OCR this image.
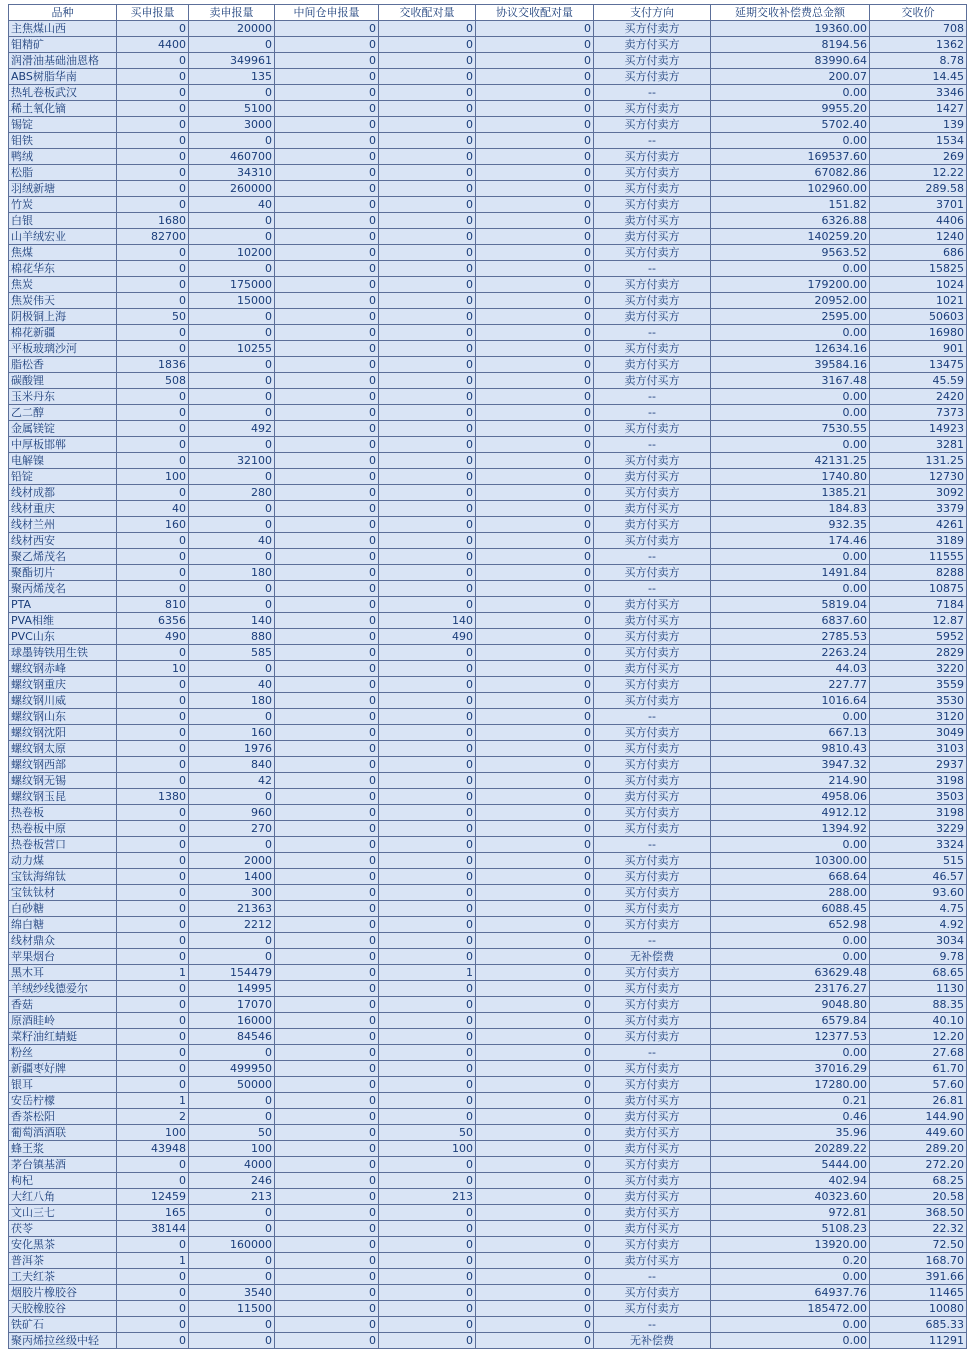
品种	买申报量	卖申报量	中间仓申报量	交收配对量	协议交收配对量	支付方向	延期交收补偿费总金额	交收价
主焦煤山西	0	20000	0	0	0	买方付卖方	19360.00	708
钼精矿	4400	0	0	0	0	卖方付买方	8194.56	1362
润滑油基础油恩格	0	349961	0	0	0	买方付卖方	83990.64	8.78
ABS树脂华南	0	135	0	0	0	买方付卖方	200.07	14.45
热轧卷板武汉	0	0	0	0	0	--	0.00	3346
稀土氧化镝	0	5100	0	0	0	买方付卖方	9955.20	1427
锡锭	0	3000	0	0	0	买方付卖方	5702.40	139
钼铁	0	0	0	0	0	--	0.00	1534
鸭绒	0	460700	0	0	0	买方付卖方	169537.60	269
松脂	0	34310	0	0	0	买方付卖方	67082.86	12.22
羽绒新塘	0	260000	0	0	0	买方付卖方	102960.00	289.58
竹炭	0	40	0	0	0	买方付卖方	151.82	3701
白银	1680	0	0	0	0	卖方付买方	6326.88	4406
山羊绒宏业	82700	0	0	0	0	卖方付买方	140259.20	1240
焦煤	0	10200	0	0	0	买方付卖方	9563.52	686
棉花华东	0	0	0	0	0	--	0.00	15825
焦炭	0	175000	0	0	0	买方付卖方	179200.00	1024
焦炭伟天	0	15000	0	0	0	买方付卖方	20952.00	1021
阴极铜上海	50	0	0	0	0	卖方付买方	2595.00	50603
棉花新疆	0	0	0	0	0	--	0.00	16980
平板玻璃沙河	0	10255	0	0	0	买方付卖方	12634.16	901
脂松香	1836	0	0	0	0	卖方付买方	39584.16	13475
碳酸锂	508	0	0	0	0	卖方付买方	3167.48	45.59
玉米丹东	0	0	0	0	0	--	0.00	2420
乙二醇	0	0	0	0	0	--	0.00	7373
金属镁锭	0	492	0	0	0	买方付卖方	7530.55	14923
中厚板邯郸	0	0	0	0	0	--	0.00	3281
电解镍	0	32100	0	0	0	买方付卖方	42131.25	131.25
铅锭	100	0	0	0	0	卖方付买方	1740.80	12730
线材成都	0	280	0	0	0	买方付卖方	1385.21	3092
线材重庆	40	0	0	0	0	卖方付买方	184.83	3379
线材兰州	160	0	0	0	0	卖方付买方	932.35	4261
线材西安	0	40	0	0	0	买方付卖方	174.46	3189
聚乙烯茂名	0	0	0	0	0	--	0.00	11555
聚酯切片	0	180	0	0	0	买方付卖方	1491.84	8288
聚丙烯茂名	0	0	0	0	0	--	0.00	10875
PTA	810	0	0	0	0	卖方付买方	5819.04	7184
PVA相维	6356	140	0	140	0	卖方付买方	6837.60	12.87
PVC山东	490	880	0	490	0	买方付卖方	2785.53	5952
球墨铸铁用生铁	0	585	0	0	0	买方付卖方	2263.24	2829
螺纹钢赤峰	10	0	0	0	0	卖方付买方	44.03	3220
螺纹钢重庆	0	40	0	0	0	买方付卖方	227.77	3559
螺纹钢川威	0	180	0	0	0	买方付卖方	1016.64	3530
螺纹钢山东	0	0	0	0	0	--	0.00	3120
螺纹钢沈阳	0	160	0	0	0	买方付卖方	667.13	3049
螺纹钢太原	0	1976	0	0	0	买方付卖方	9810.43	3103
螺纹钢西部	0	840	0	0	0	买方付卖方	3947.32	2937
螺纹钢无锡	0	42	0	0	0	买方付卖方	214.90	3198
螺纹钢玉昆	1380	0	0	0	0	卖方付买方	4958.06	3503
热卷板	0	960	0	0	0	买方付卖方	4912.12	3198
热卷板中原	0	270	0	0	0	买方付卖方	1394.92	3229
热卷板营口	0	0	0	0	0	--	0.00	3324
动力煤	0	2000	0	0	0	买方付卖方	10300.00	515
宝钛海绵钛	0	1400	0	0	0	买方付卖方	668.64	46.57
宝钛钛材	0	300	0	0	0	买方付卖方	288.00	93.60
白砂糖	0	21363	0	0	0	买方付卖方	6088.45	4.75
绵白糖	0	2212	0	0	0	买方付卖方	652.98	4.92
线材鼎众	0	0	0	0	0	--	0.00	3034
苹果烟台	0	0	0	0	0	无补偿费	0.00	9.78
黑木耳	1	154479	0	1	0	买方付卖方	63629.48	68.65
羊绒纱线德爱尔	0	14995	0	0	0	买方付卖方	23176.27	1130
香菇	0	17070	0	0	0	买方付卖方	9048.80	88.35
原酒眭岭	0	16000	0	0	0	买方付卖方	6579.84	40.10
菜籽油红蜻蜓	0	84546	0	0	0	买方付卖方	12377.53	12.20
粉丝	0	0	0	0	0	--	0.00	27.68
新疆枣好牌	0	499950	0	0	0	买方付卖方	37016.29	61.70
银耳	0	50000	0	0	0	买方付卖方	17280.00	57.60
安岳柠檬	1	0	0	0	0	卖方付买方	0.21	26.81
香茶松阳	2	0	0	0	0	卖方付买方	0.46	144.90
葡萄酒酒联	100	50	0	50	0	卖方付买方	35.96	449.60
蜂王浆	43948	100	0	100	0	卖方付买方	20289.22	289.20
茅台镇基酒	0	4000	0	0	0	买方付卖方	5444.00	272.20
枸杞	0	246	0	0	0	买方付卖方	402.94	68.25
大红八角	12459	213	0	213	0	卖方付买方	40323.60	20.58
文山三七	165	0	0	0	0	卖方付买方	972.81	368.50
茯苓	38144	0	0	0	0	卖方付买方	5108.23	22.32
安化黑茶	0	160000	0	0	0	买方付卖方	13920.00	72.50
普洱茶	1	0	0	0	0	卖方付买方	0.20	168.70
工夫红茶	0	0	0	0	0	--	0.00	391.66
烟胶片橡胶谷	0	3540	0	0	0	买方付卖方	64937.76	11465
天胶橡胶谷	0	11500	0	0	0	买方付卖方	185472.00	10080
铁矿石	0	0	0	0	0	--	0.00	685.33
聚丙烯拉丝级中轻	0	0	0	0	0	无补偿费	0.00	11291
